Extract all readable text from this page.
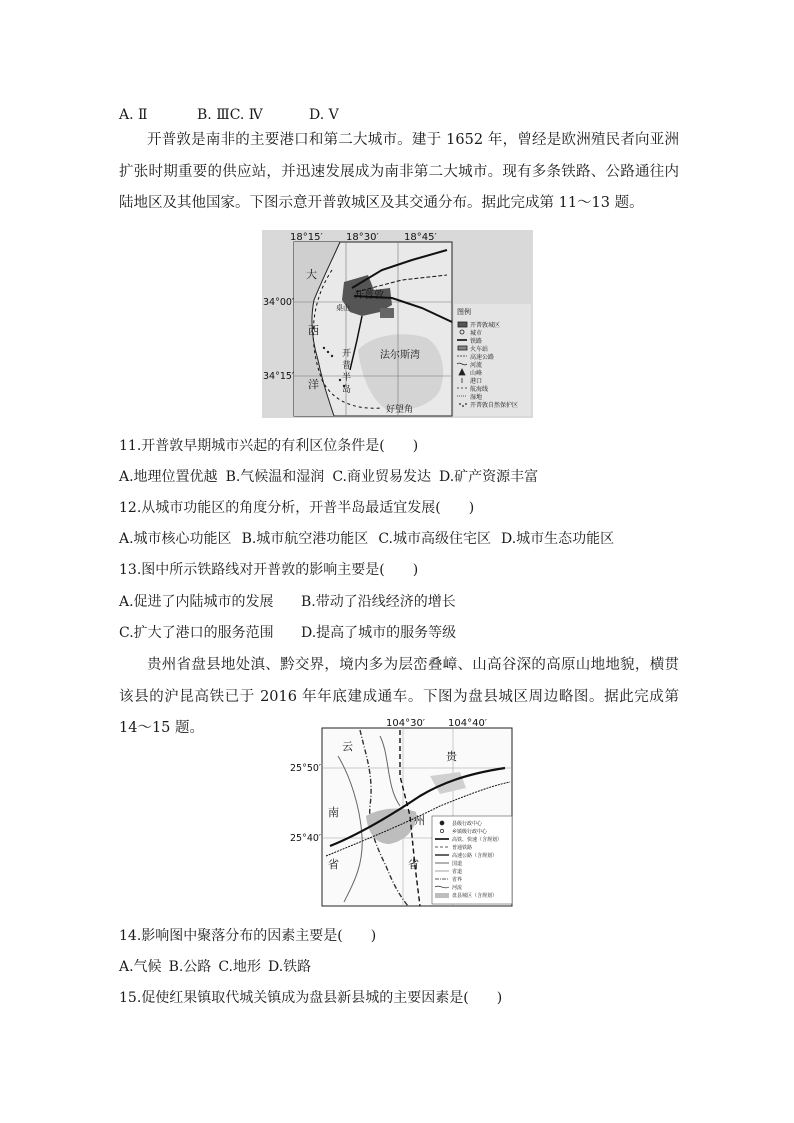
A. Ⅱ	B. ⅢC. Ⅳ	D. Ⅴ
开普敦是南非的主要港口和第二大城市。建于 1652 年，曾经是欧洲殖民者向亚洲扩张时期重要的供应站，并迅速发展成为南非第二大城市。现有多条铁路、公路通往内陆地区及其他国家。下图示意开普敦城区及其交通分布。据此完成第 11～13 题。
18°15′ 18°30′	18°45′
34°00′
34°15′
大
西
洋
开普敦
桌山
开
普
半
岛
法尔斯湾
好望角
图例
开普敦城区
城市
铁路
火车站
高速公路
河流
山峰
港口
航海线
湿地
开普敦自然保护区
11.开普敦早期城市兴起的有利区位条件是(　　)
A.地理位置优越 B.气候温和湿润 C.商业贸易发达 D.矿产资源丰富
12.从城市功能区的角度分析，开普半岛最适宜发展(　　)
A.城市核心功能区 B.城市航空港功能区 C.城市高级住宅区 D.城市生态功能区
13.图中所示铁路线对开普敦的影响主要是(　　)
A.促进了内陆城市的发展 B.带动了沿线经济的增长
C.扩大了港口的服务范围 D.提高了城市的服务等级
贵州省盘县地处滇、黔交界，境内多为层峦叠嶂、山高谷深的高原山地地貌，横贯该县的沪昆高铁已于 2016 年年底建成通车。下图为盘县城区周边略图。据此完成第 14～15 题。	104°30′ 104°40′
25°50′
25°40′
云
南
省
贵
州
省
县级行政中心
乡镇级行政中心
高铁、快速（含规划）
普通铁路
高速公路（含规划）
国道
省道
省界
河流
盘县城区（含规划）
14.影响图中聚落分布的因素主要是(　　)
A.气候 B.公路 C.地形 D.铁路
15.促使红果镇取代城关镇成为盘县新县城的主要因素是(　　)
